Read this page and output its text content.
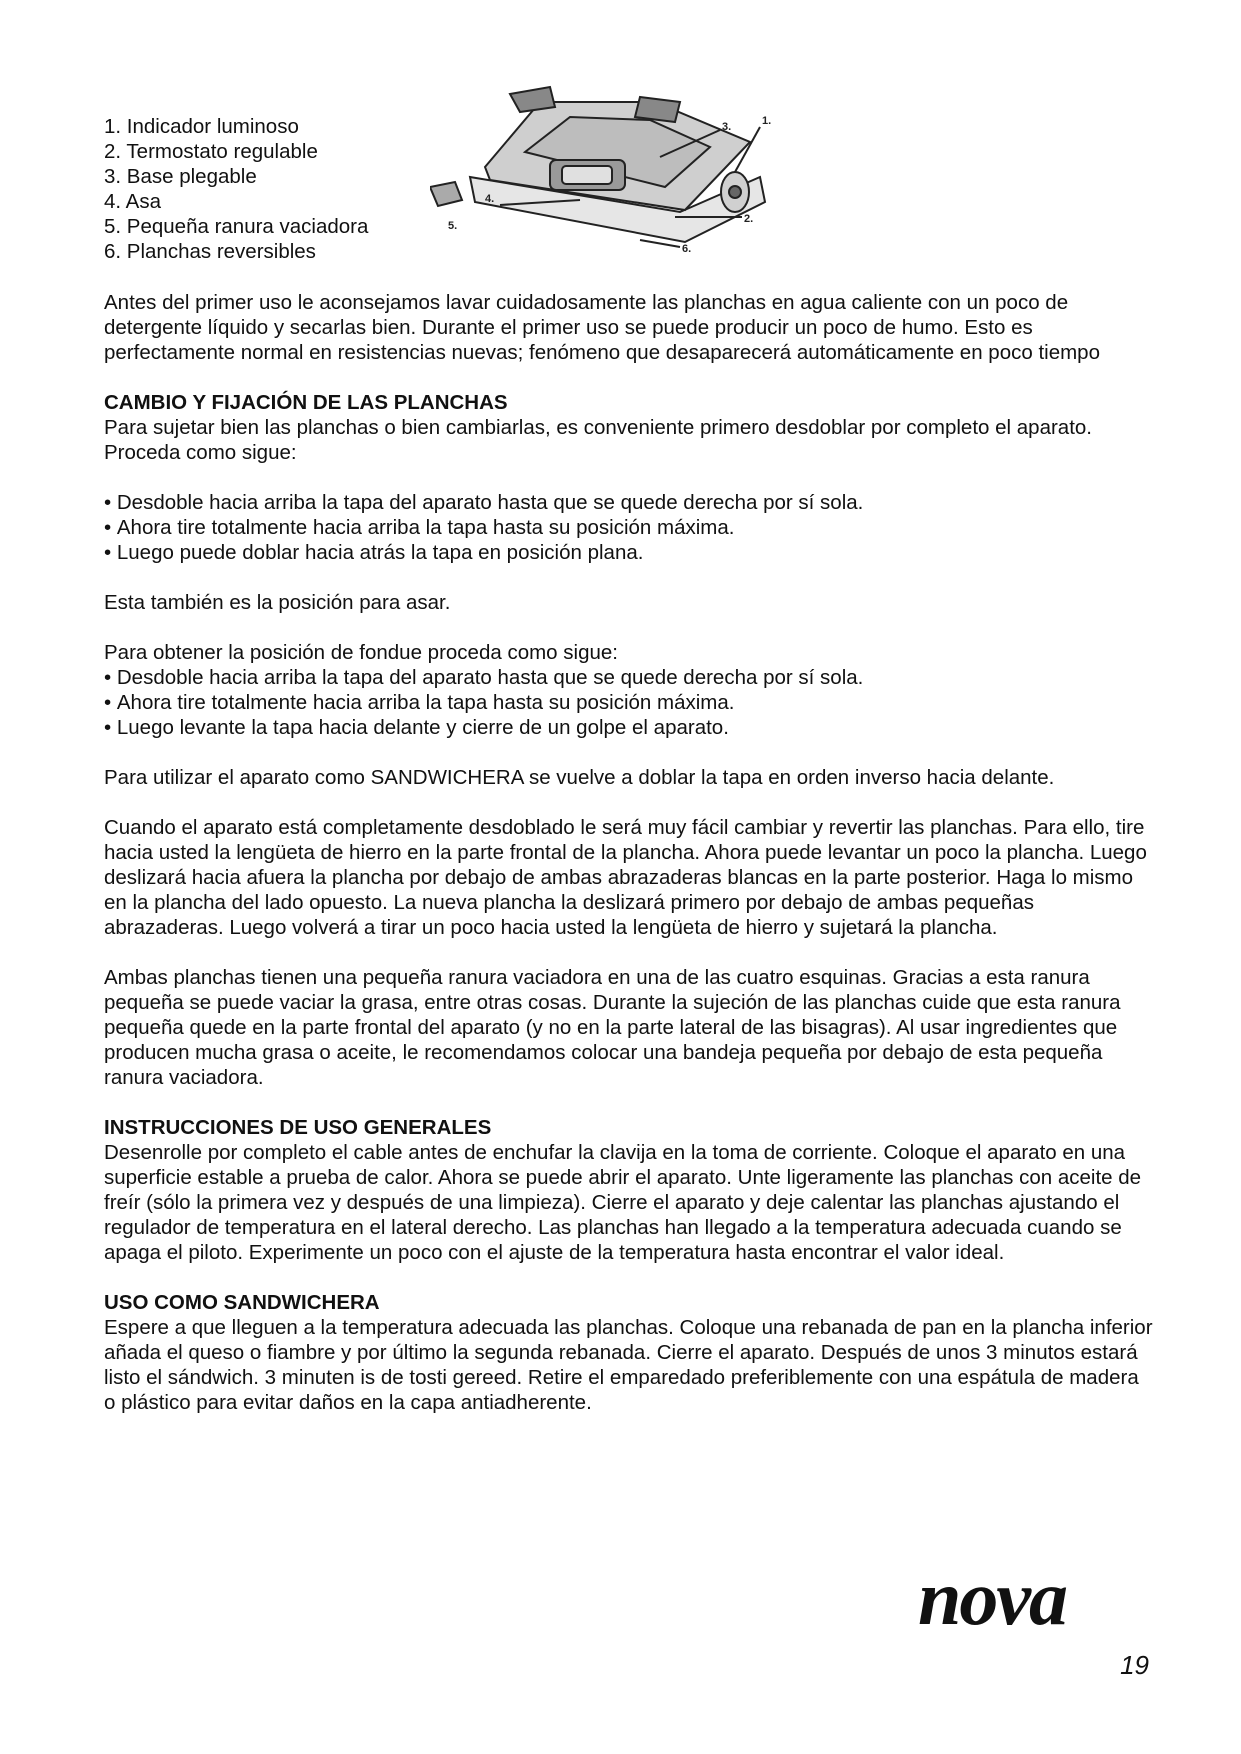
1. Indicador luminoso
2. Termostato regulable
3. Base plegable
4. Asa
5. Pequeña ranura vaciadora
6. Planchas reversibles
3.	1.
2.
4.
5.
6.

Antes del primer uso le aconsejamos lavar cuidadosamente las planchas en agua caliente con un poco de detergente líquido y secarlas bien. Durante el primer uso se puede producir un poco de humo. Esto es perfectamente normal en resistencias nuevas; fenómeno que desaparecerá automáticamente en poco tiempo

CAMBIO Y FIJACIÓN DE LAS PLANCHAS

Para sujetar bien las planchas o bien cambiarlas, es conveniente primero desdoblar por completo el aparato. Proceda como sigue:

• Desdoble hacia arriba la tapa del aparato hasta que se quede derecha por sí sola.
• Ahora tire totalmente hacia arriba la tapa hasta su posición máxima.
• Luego puede doblar hacia atrás la tapa en posición plana.

Esta también es la posición para asar.

Para obtener la posición de fondue proceda como sigue:

• Desdoble hacia arriba la tapa del aparato hasta que se quede derecha por sí sola.
• Ahora tire totalmente hacia arriba la tapa hasta su posición máxima.
• Luego levante la tapa hacia delante y cierre de un golpe el aparato.

Para utilizar el aparato como SANDWICHERA se vuelve a doblar la tapa en orden inverso hacia delante.

Cuando el aparato está completamente desdoblado le será muy fácil cambiar y revertir las planchas. Para ello, tire hacia usted la lengüeta de hierro en la parte frontal de la plancha. Ahora puede levantar un poco la plancha. Luego deslizará hacia afuera la plancha por debajo de ambas abrazaderas blancas en la parte posterior. Haga lo mismo en la plancha del lado opuesto. La nueva plancha la deslizará primero por debajo de ambas pequeñas abrazaderas. Luego volverá a tirar un poco hacia usted la lengüeta de hierro y sujetará la plancha.

Ambas planchas tienen una pequeña ranura vaciadora en una de las cuatro esquinas. Gracias a esta ranura pequeña se puede vaciar la grasa, entre otras cosas. Durante la sujeción de las planchas cuide que esta ranura pequeña quede en la parte frontal del aparato (y no en la parte lateral de las bisagras). Al usar ingredientes que producen mucha grasa o aceite, le recomendamos colocar una bandeja pequeña por debajo de esta pequeña ranura vaciadora.

INSTRUCCIONES DE USO GENERALES

Desenrolle por completo el cable antes de enchufar la clavija en la toma de corriente. Coloque el aparato en una superficie estable a prueba de calor. Ahora se puede abrir el aparato. Unte ligeramente las planchas con aceite de freír (sólo la primera vez y después de una limpieza). Cierre el aparato y deje calentar las planchas ajustando el regulador de temperatura en el lateral derecho. Las planchas han llegado a la temperatura adecuada cuando se apaga el piloto. Experimente un poco con el ajuste de la temperatura hasta encontrar el valor ideal.

USO COMO SANDWICHERA

Espere a que lleguen a la temperatura adecuada las planchas. Coloque una rebanada de pan en la plancha inferior añada el queso o fiambre y por último la segunda rebanada. Cierre el aparato. Después de unos 3 minutos estará listo el sándwich. 3 minuten is de tosti gereed. Retire el emparedado preferiblemente con una espátula de madera o plástico para evitar daños en la capa antiadherente.

nova
19
